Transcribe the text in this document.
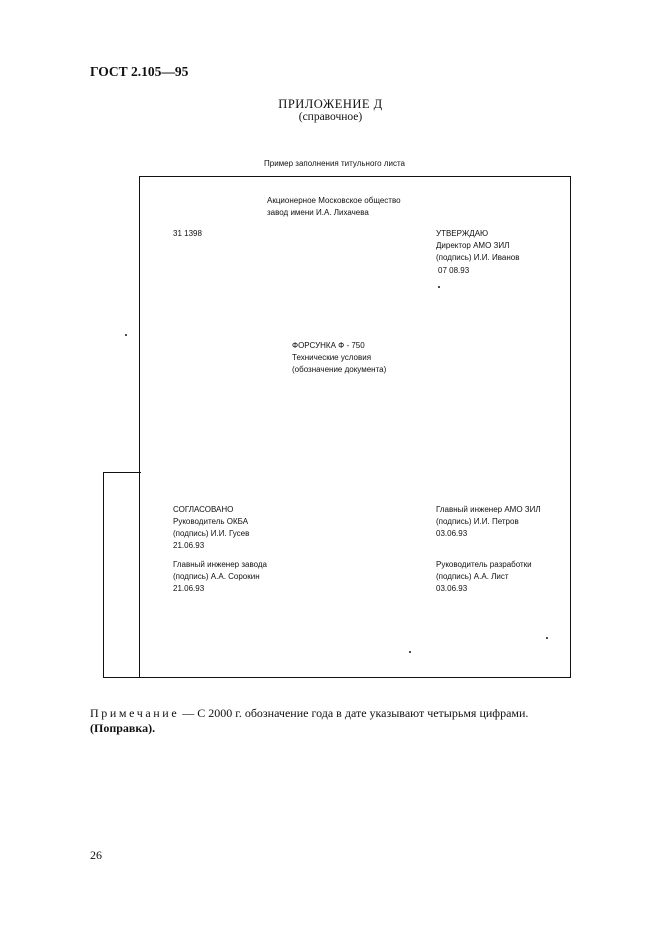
ГОСТ 2.105—95
ПРИЛОЖЕНИЕ Д
(справочное)
Пример заполнения титульного листа
Акционерное Московское общество
завод имени И.А. Лихачева
31 1398	УТВЕРЖДАЮ
Директор АМО ЗИЛ
(подпись) И.И. Иванов
07 08.93
ФОРСУНКА Ф - 750
Технические условия
(обозначение документа)
СОГЛАСОВАНО
Руководитель ОКБА
(подпись) И.И. Гусев
21.06.93
Главный инженер завода
(подпись) А.А. Сорокин
21.06.93
Главный инженер АМО ЗИЛ
(подпись) И.И. Петров
03.06.93
Руководитель разработки
(подпись) А.А. Лист
03.06.93
Примечание — С 2000 г. обозначение года в дате указывают четырьмя цифрами.
(Поправка).
26
